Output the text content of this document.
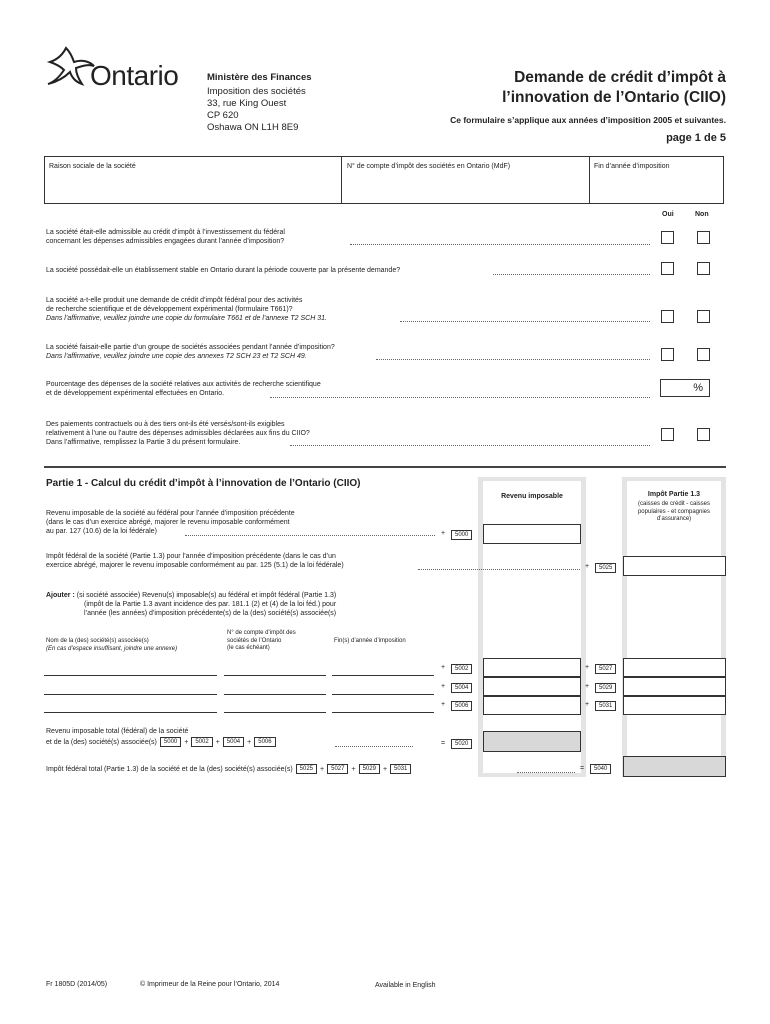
Ontario	Ministère des Finances
Imposition des sociétés
33, rue King Ouest
CP 620
Oshawa ON L1H 8E9
Demande de crédit d’impôt à
l’innovation de l’Ontario (CIIO)
Ce formulaire s’applique aux années d’imposition 2005 et suivantes.
page 1 de 5
Raison sociale de la société	N° de compte d’impôt des sociétés en Ontario (MdF)	Fin d’année d’imposition
Oui	Non
La société était-elle admissible au crédit d’impôt à l’investissement du fédéral
concernant les dépenses admissibles engagées durant l’année d’imposition?
La société possédait-elle un établissement stable en Ontario durant la période couverte par la présente demande?
La société a-t-elle produit une demande de crédit d’impôt fédéral pour des activités
de recherche scientifique et de développement expérimental (formulaire T661)?
Dans l’affirmative, veuillez joindre une copie du formulaire T661 et de l’annexe T2 SCH 31.
La société faisait-elle partie d’un groupe de sociétés associées pendant l’année d’imposition?
Dans l’affirmative, veuillez joindre une copie des annexes T2 SCH 23 et T2 SCH 49.
Pourcentage des dépenses de la société relatives aux activités de recherche scientifique
et de développement expérimental effectuées en Ontario.	%
Des paiements contractuels ou à des tiers ont-ils été versés/sont-ils exigibles
relativement à l’une ou l’autre des dépenses admissibles déclarées aux fins du CIIO?
Dans l’affirmative, remplissez la Partie 3 du présent formulaire.
Partie 1 - Calcul du crédit d’impôt à l’innovation de l’Ontario (CIIO)
Revenu imposable	Impôt Partie 1.3
(caisses de crédit - caisses populaires - et compagnies d’assurance)
Revenu imposable de la société au fédéral pour l’année d’imposition précédente
(dans le cas d’un exercice abrégé, majorer le revenu imposable conformément
au par. 127 (10.6) de la loi fédérale)	+	5000
Impôt fédéral de la société (Partie 1.3) pour l’année d’imposition précédente (dans le cas d’un
exercice abrégé, majorer le revenu imposable conformément au par. 125 (5.1) de la loi fédérale)	+	5025
Ajouter : (si société associée) Revenu(s) imposable(s) au fédéral et impôt fédéral (Partie 1.3)
(impôt de la Partie 1.3 avant incidence des par. 181.1 (2) et (4) de la loi féd.) pour
l’année (les années) d’imposition précédente(s) de la (des) société(s) associée(s)
Nom de la (des) société(s) associée(s)
(En cas d’espace insuffisant, joindre une annexe)
N° de compte d’impôt des
sociétés de l’Ontario
(le cas échéant)
Fin(s) d’année d’imposition
+	5002	+	5027
+	5004	+	5029
+	5006	+	5031
Revenu imposable total (fédéral) de la société
et de la (des) société(s) associée(s)	5000	+	5002	+	5004	+	5006	=	5020
Impôt fédéral total (Partie 1.3) de la société et de la (des) société(s) associée(s)	5025	+	5027	+	5029	+	5031	=	5040
Fr 1805D (2014/05)	© Imprimeur de la Reine pour l’Ontario, 2014	Available in English
